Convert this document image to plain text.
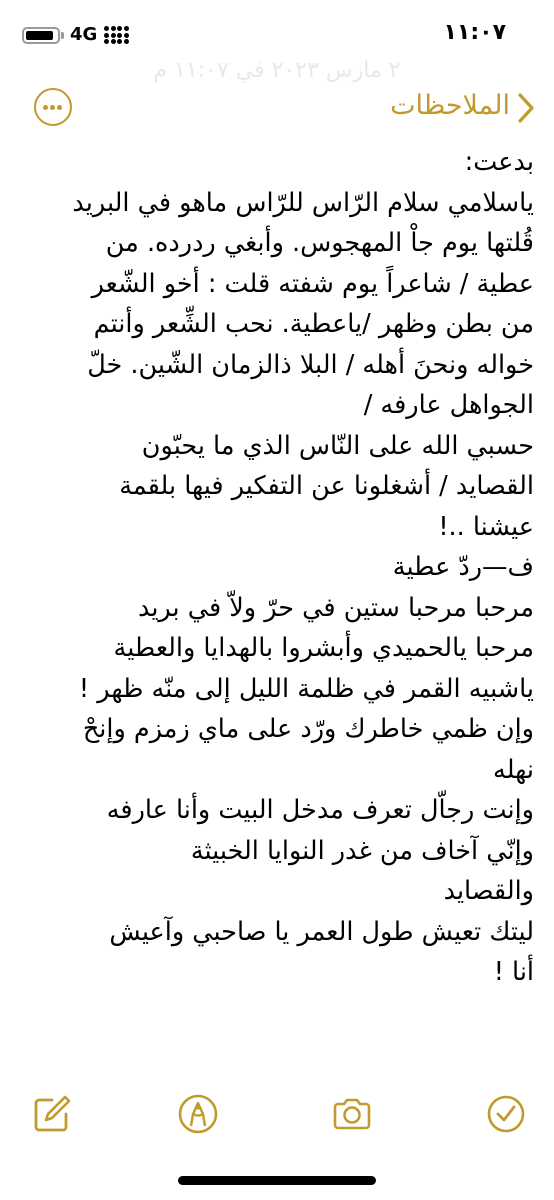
4G	١١:٠٧
٢ مارس ٢٠٢٣ في ١١:٠٧ م
الملاحظات
بدعت:
ياسلامي سلام الرّاس للرّاس ماهو في البريد
قُلتها يوم جاْ المهجوس. وأبغي ردرده. من
عطية / شاعراً يوم شفته قلت : أخو الشّعر
من بطن وظهر /ياعطية. نحب الشِّعر وأنتم
خواله ونحنَ أهله / البلا ذالزمان الشّين. خلّ
الجواهل عارفه /
حسبي الله على النّاس الذي ما يحبّون
القصايد / أشغلونا عن التفكير فيها بلقمة
عيشنا ..!
ف—ردّ عطية
مرحبا مرحبا ستين في حرّ ولاّ في بريد
مرحبا يالحميدي وأبشروا بالهدايا والعطية
ياشبيه القمر في ظلمة الليل إلى منّه ظهر !
وإن ظمي خاطرك ورّد على ماي زمزم وإنحْ
نهله
وإنت رجاّل تعرف مدخل البيت وأنا عارفه
وإنّي آخاف من غدر النوايا الخبيثة
والقصايد
ليتك تعيش طول العمر يا صاحبي وآعيش
أنا !
